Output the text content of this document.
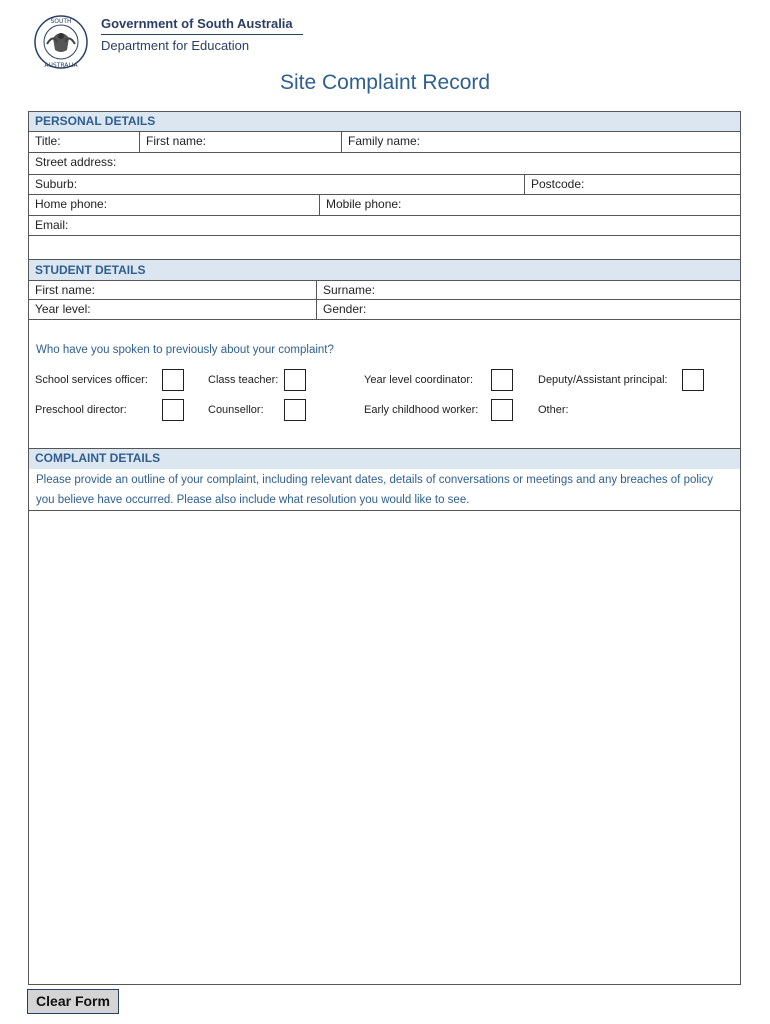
SOUTH
AUSTRALIA
Government of South Australia
Department for Education
Site Complaint Record
PERSONAL DETAILS
Title:	First name:	Family name:
Street address:
Suburb:	Postcode:
Home phone:	Mobile phone:
Email:
STUDENT DETAILS
First name:	Surname:
Year level:	Gender:
Who have you spoken to previously about your complaint?
School services officer:	Class teacher:	Year level coordinator:	Deputy/Assistant principal:
Preschool director:	Counsellor:	Early childhood worker:	Other:
COMPLAINT DETAILS
Please provide an outline of your complaint, including relevant dates, details of conversations or meetings and any breaches of policy you believe have occurred. Please also include what resolution you would like to see.
Clear Form
